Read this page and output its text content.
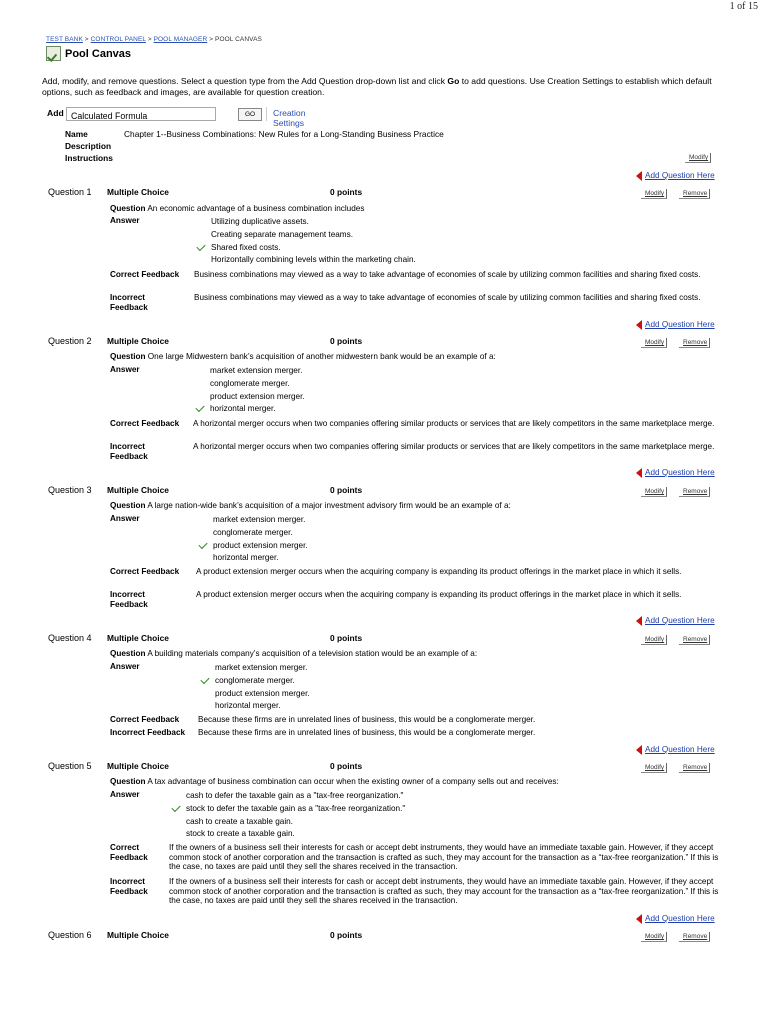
1 of 15
TEST BANK > CONTROL PANEL > POOL MANAGER > POOL CANVAS
Pool Canvas
Add, modify, and remove questions. Select a question type from the Add Question drop-down list and click Go to add questions. Use Creation Settings to establish which default options, such as feedback and images, are available for question creation.
Add Calculated Formula	GO	Creation Settings
Name	Chapter 1--Business Combinations: New Rules for a Long-Standing Business Practice
Description
Instructions	Modify
Add Question Here
Question 1 Multiple Choice	0 points	Modify	Remove
Question An economic advantage of a business combination includes
Answer	Utilizing duplicative assets.
Creating separate management teams.
Shared fixed costs.
Horizontally combining levels within the marketing chain.
Correct Feedback Business combinations may viewed as a way to take advantage of economies of scale by utilizing common facilities and sharing fixed costs.
Incorrect
Feedback
Business combinations may viewed as a way to take advantage of economies of scale by utilizing common facilities and sharing fixed costs.
Add Question Here
Question 2 Multiple Choice	0 points	Modify	Remove
Question One large Midwestern bank’s acquisition of another midwestern bank would be an example of a:
Answer	market extension merger.
conglomerate merger.
product extension merger.
horizontal merger.
Correct Feedback A horizontal merger occurs when two companies offering similar products or services that are likely competitors in the same marketplace merge.
Incorrect
Feedback
A horizontal merger occurs when two companies offering similar products or services that are likely competitors in the same marketplace merge.
Add Question Here
Question 3 Multiple Choice	0 points	Modify	Remove
Question A large nation-wide bank’s acquisition of a major investment advisory firm would be an example of a:
Answer	market extension merger.
conglomerate merger.
product extension merger.
horizontal merger.
Correct Feedback A product extension merger occurs when the acquiring company is expanding its product offerings in the market place in which it sells.
Incorrect
Feedback
A product extension merger occurs when the acquiring company is expanding its product offerings in the market place in which it sells.
Add Question Here
Question 4 Multiple Choice	0 points	Modify	Remove
Question A building materials company’s acquisition of a television station would be an example of a:
Answer	market extension merger.
conglomerate merger.
product extension merger.
horizontal merger.
Correct Feedback Because these firms are in unrelated lines of business, this would be a conglomerate merger.
Incorrect Feedback Because these firms are in unrelated lines of business, this would be a conglomerate merger.
Add Question Here
Question 5 Multiple Choice	0 points	Modify	Remove
Question A tax advantage of business combination can occur when the existing owner of a company sells out and receives:
Answer	cash to defer the taxable gain as a "tax-free reorganization."
stock to defer the taxable gain as a "tax-free reorganization."
cash to create a taxable gain.
stock to create a taxable gain.
Correct
Feedback
If the owners of a business sell their interests for cash or accept debt instruments, they would have an immediate taxable gain. However, if they accept common stock of another corporation and the transaction is crafted as such, they may account for the transaction as a “tax-free reorganization.” If this is the case, no taxes are paid until they sell the shares received in the transaction.
Incorrect
Feedback
If the owners of a business sell their interests for cash or accept debt instruments, they would have an immediate taxable gain. However, if they accept common stock of another corporation and the transaction is crafted as such, they may account for the transaction as a “tax-free reorganization.” If this is the case, no taxes are paid until they sell the shares received in the transaction.
Add Question Here
Question 6 Multiple Choice	0 points	Modify	Remove
